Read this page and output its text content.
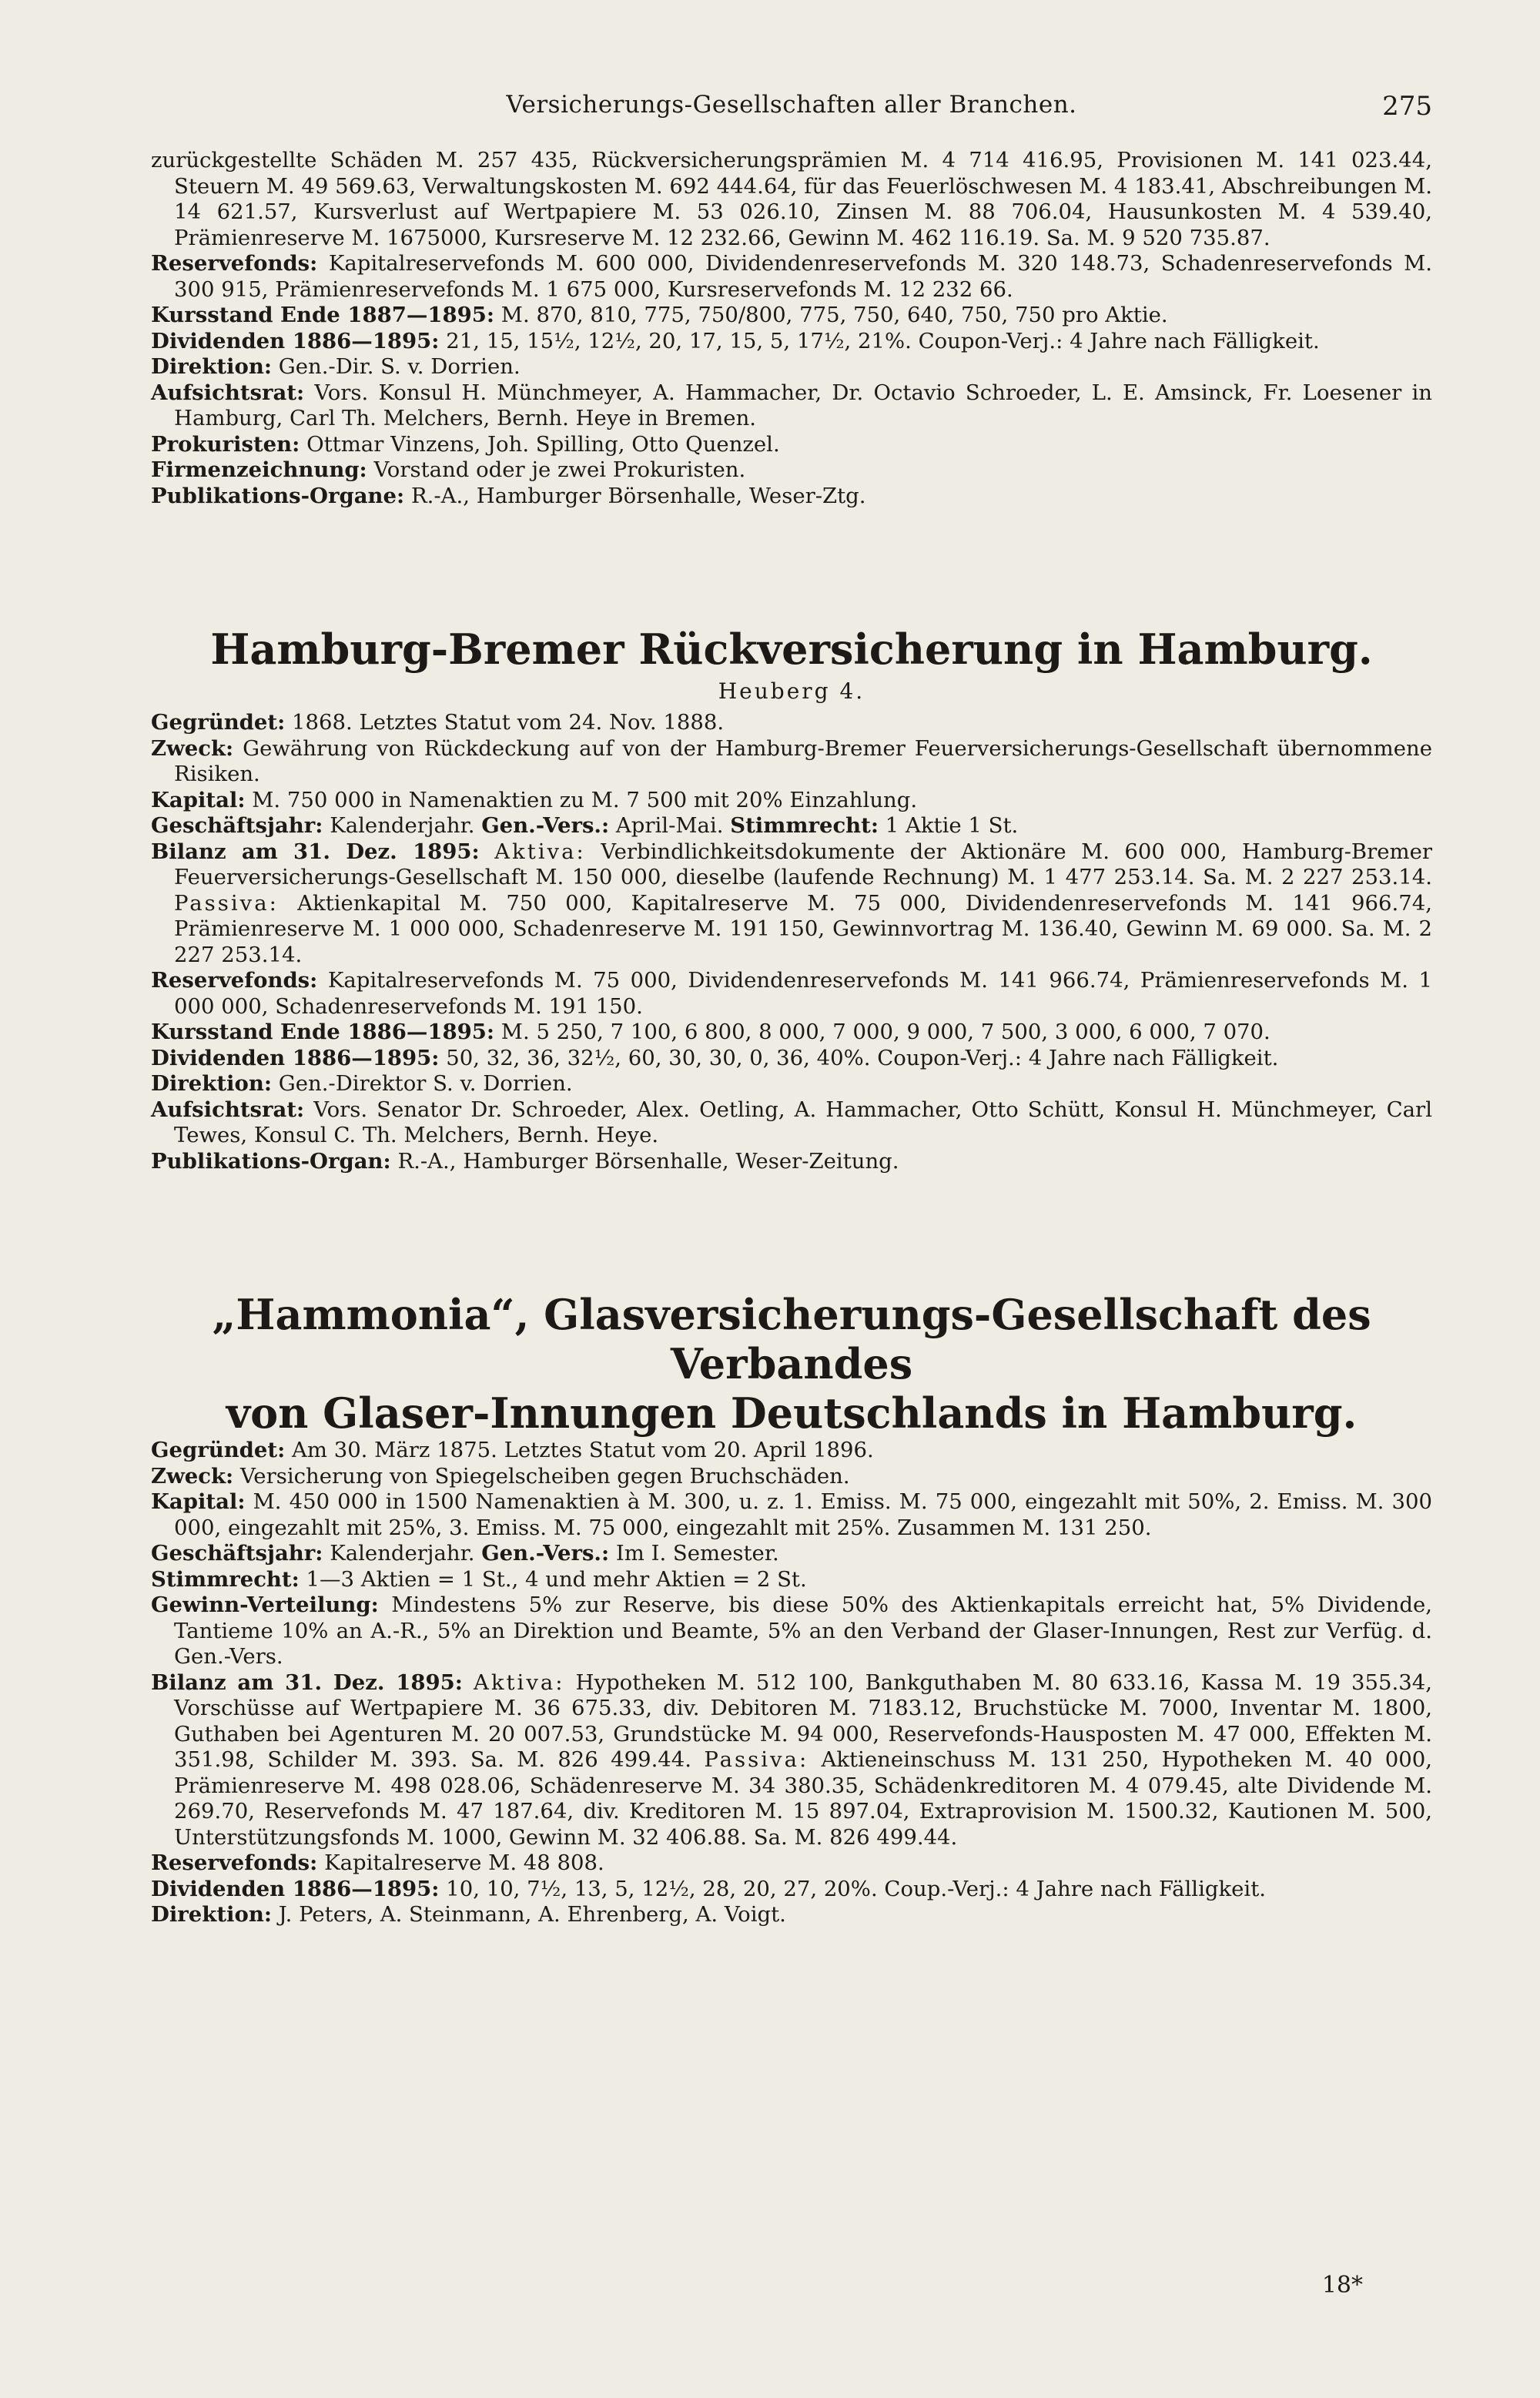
Versicherungs-Gesellschaften aller Branchen.	275

zurückgestellte Schäden M. 257 435, Rückversicherungsprämien M. 4 714 416.95, Provisionen M. 141 023.44, Steuern M. 49 569.63, Verwaltungskosten M. 692 444.64, für das Feuerlöschwesen M. 4 183.41, Abschreibungen M. 14 621.57, Kursverlust auf Wertpapiere M. 53 026.10, Zinsen M. 88 706.04, Hausunkosten M. 4 539.40, Prämienreserve M. 1675000, Kursreserve M. 12 232.66, Gewinn M. 462 116.19. Sa. M. 9 520 735.87.

Reservefonds: Kapitalreservefonds M. 600 000, Dividendenreservefonds M. 320 148.73, Schadenreservefonds M. 300 915, Prämienreservefonds M. 1 675 000, Kursreservefonds M. 12 232 66.

Kursstand Ende 1887—1895: M. 870, 810, 775, 750/800, 775, 750, 640, 750, 750 pro Aktie.

Dividenden 1886—1895: 21, 15, 15½, 12½, 20, 17, 15, 5, 17½, 21%. Coupon-Verj.: 4 Jahre nach Fälligkeit.

Direktion: Gen.-Dir. S. v. Dorrien.

Aufsichtsrat: Vors. Konsul H. Münchmeyer, A. Hammacher, Dr. Octavio Schroeder, L. E. Amsinck, Fr. Loesener in Hamburg, Carl Th. Melchers, Bernh. Heye in Bremen.

Prokuristen: Ottmar Vinzens, Joh. Spilling, Otto Quenzel.

Firmenzeichnung: Vorstand oder je zwei Prokuristen.

Publikations-Organe: R.-A., Hamburger Börsenhalle, Weser-Ztg.

Hamburg-Bremer Rückversicherung in Hamburg.
Heuberg 4.

Gegründet: 1868. Letztes Statut vom 24. Nov. 1888.

Zweck: Gewährung von Rückdeckung auf von der Hamburg-Bremer Feuerversicherungs-Gesellschaft übernommene Risiken.

Kapital: M. 750 000 in Namenaktien zu M. 7 500 mit 20% Einzahlung.

Geschäftsjahr: Kalenderjahr. Gen.-Vers.: April-Mai. Stimmrecht: 1 Aktie 1 St.

Bilanz am 31. Dez. 1895: Aktiva: Verbindlichkeitsdokumente der Aktionäre M. 600 000, Hamburg-Bremer Feuerversicherungs-Gesellschaft M. 150 000, dieselbe (laufende Rechnung) M. 1 477 253.14. Sa. M. 2 227 253.14. Passiva: Aktienkapital M. 750 000, Kapitalreserve M. 75 000, Dividendenreservefonds M. 141 966.74, Prämienreserve M. 1 000 000, Schadenreserve M. 191 150, Gewinnvortrag M. 136.40, Gewinn M. 69 000. Sa. M. 2 227 253.14.

Reservefonds: Kapitalreservefonds M. 75 000, Dividendenreservefonds M. 141 966.74, Prämienreservefonds M. 1 000 000, Schadenreservefonds M. 191 150.

Kursstand Ende 1886—1895: M. 5 250, 7 100, 6 800, 8 000, 7 000, 9 000, 7 500, 3 000, 6 000, 7 070.

Dividenden 1886—1895: 50, 32, 36, 32½, 60, 30, 30, 0, 36, 40%. Coupon-Verj.: 4 Jahre nach Fälligkeit.

Direktion: Gen.-Direktor S. v. Dorrien.

Aufsichtsrat: Vors. Senator Dr. Schroeder, Alex. Oetling, A. Hammacher, Otto Schütt, Konsul H. Münchmeyer, Carl Tewes, Konsul C. Th. Melchers, Bernh. Heye.

Publikations-Organ: R.-A., Hamburger Börsenhalle, Weser-Zeitung.

„Hammonia“, Glasversicherungs-Gesellschaft des Verbandes
von Glaser-Innungen Deutschlands in Hamburg.

Gegründet: Am 30. März 1875. Letztes Statut vom 20. April 1896.

Zweck: Versicherung von Spiegelscheiben gegen Bruchschäden.

Kapital: M. 450 000 in 1500 Namenaktien à M. 300, u. z. 1. Emiss. M. 75 000, eingezahlt mit 50%, 2. Emiss. M. 300 000, eingezahlt mit 25%, 3. Emiss. M. 75 000, eingezahlt mit 25%. Zusammen M. 131 250.

Geschäftsjahr: Kalenderjahr. Gen.-Vers.: Im I. Semester.

Stimmrecht: 1—3 Aktien = 1 St., 4 und mehr Aktien = 2 St.

Gewinn-Verteilung: Mindestens 5% zur Reserve, bis diese 50% des Aktienkapitals erreicht hat, 5% Dividende, Tantieme 10% an A.-R., 5% an Direktion und Beamte, 5% an den Verband der Glaser-Innungen, Rest zur Verfüg. d. Gen.-Vers.

Bilanz am 31. Dez. 1895: Aktiva: Hypotheken M. 512 100, Bankguthaben M. 80 633.16, Kassa M. 19 355.34, Vorschüsse auf Wertpapiere M. 36 675.33, div. Debitoren M. 7183.12, Bruchstücke M. 7000, Inventar M. 1800, Guthaben bei Agenturen M. 20 007.53, Grundstücke M. 94 000, Reservefonds-Hausposten M. 47 000, Effekten M. 351.98, Schilder M. 393. Sa. M. 826 499.44. Passiva: Aktieneinschuss M. 131 250, Hypotheken M. 40 000, Prämienreserve M. 498 028.06, Schädenreserve M. 34 380.35, Schädenkreditoren M. 4 079.45, alte Dividende M. 269.70, Reservefonds M. 47 187.64, div. Kreditoren M. 15 897.04, Extraprovision M. 1500.32, Kautionen M. 500, Unterstützungsfonds M. 1000, Gewinn M. 32 406.88. Sa. M. 826 499.44.

Reservefonds: Kapitalreserve M. 48 808.

Dividenden 1886—1895: 10, 10, 7½, 13, 5, 12½, 28, 20, 27, 20%. Coup.-Verj.: 4 Jahre nach Fälligkeit.

Direktion: J. Peters, A. Steinmann, A. Ehrenberg, A. Voigt.

18*
